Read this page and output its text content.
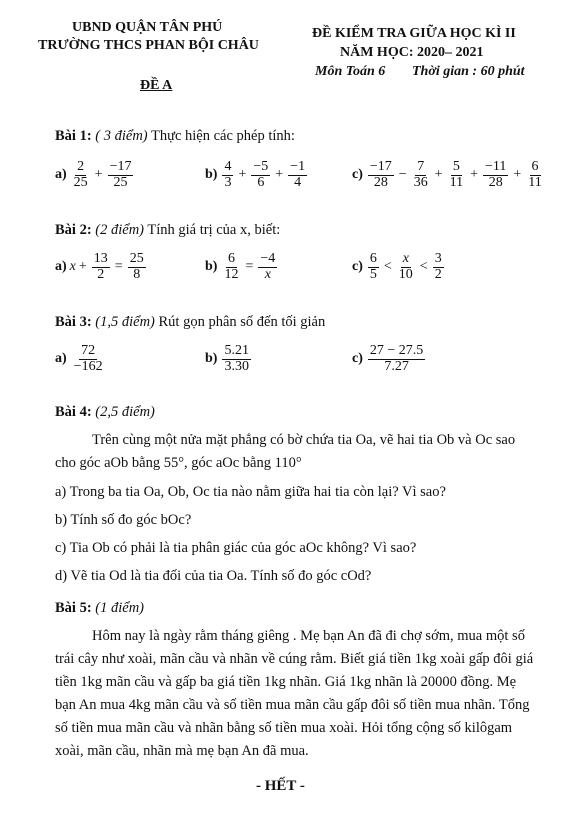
UBND QUẬN TÂN PHÚ
TRƯỜNG THCS PHAN BỘI CHÂU
ĐỀ A
ĐỀ KIỂM TRA GIỮA HỌC KÌ II
NĂM HỌC: 2020– 2021
Môn Toán 6 Thời gian : 60 phút
Bài 1: ( 3 điểm) Thực hiện các phép tính:
$a) \frac{2}{25} + \frac{-17}{25}$	$b) \frac{4}{3} + \frac{-5}{6} + \frac{-1}{4}$	$c) \frac{-17}{28} - \frac{7}{36} + \frac{5}{11} + \frac{-11}{28} + \frac{6}{11}$
Bài 2: (2 điểm) Tính giá trị của x, biết:
a) $x + \frac{13}{2} = \frac{25}{8}$	$b) \frac{6}{12} = \frac{-4}{x}$	$c) \frac{6}{5} < \frac{x}{10} < \frac{3}{2}$
Bài 3: (1,5 điểm) Rút gọn phân số đến tối giản
$a) \frac{72}{-162}$	$b) \frac{5.21}{3.30}$	$c) \frac{27 - 27.5}{7.27}$
Bài 4: (2,5 điểm)
Trên cùng một nửa mặt phẳng có bờ chứa tia Oa, vẽ hai tia Ob và Oc sao
cho góc aOb bằng 55°, góc aOc bằng 110°
a) Trong ba tia Oa, Ob, Oc tia nào nằm giữa hai tia còn lại? Vì sao?
b) Tính số đo góc bOc?
c) Tia Ob có phải là tia phân giác của góc aOc không? Vì sao?
d) Vẽ tia Od là tia đối của tia Oa. Tính số đo góc cOd?
Bài 5: (1 điểm)
Hôm nay là ngày rằm tháng giêng . Mẹ bạn An đã đi chợ sớm, mua một số
trái cây như xoài, mãn cầu và nhãn về cúng rằm. Biết giá tiền 1kg xoài gấp đôi giá
tiền 1kg mãn cầu và gấp ba giá tiền 1kg nhãn. Giá 1kg nhãn là 20000 đồng. Mẹ
bạn An mua 4kg mãn cầu và số tiền mua mãn cầu gấp đôi số tiền mua nhãn. Tổng
số tiền mua mãn cầu và nhãn bằng số tiền mua xoài. Hỏi tổng cộng số kilôgam
xoài, mãn cầu, nhãn mà mẹ bạn An đã mua.
- HẾT -
